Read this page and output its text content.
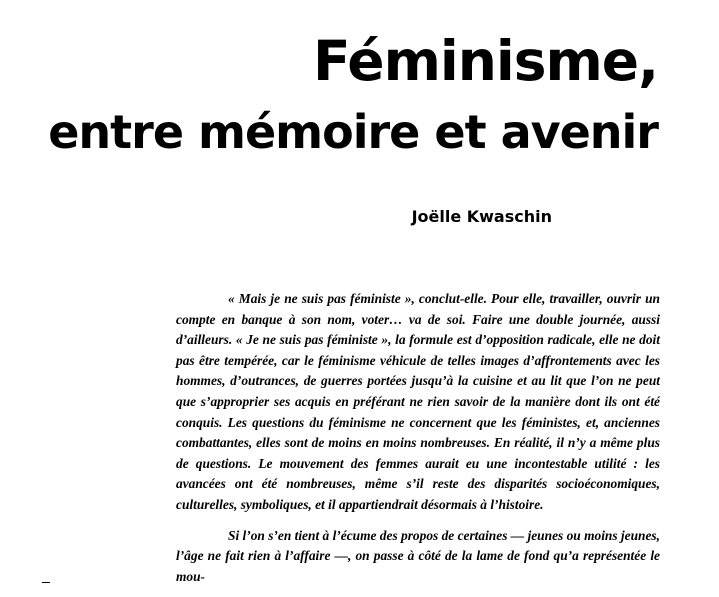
Féminisme,
entre mémoire et avenir
Joëlle Kwaschin

« Mais je ne suis pas féministe », conclut-elle. Pour elle, travailler, ouvrir un compte en banque à son nom, voter… va de soi. Faire une double journée, aussi d’ailleurs. « Je ne suis pas féministe », la formule est d’opposition radicale, elle ne doit pas être tempérée, car le féminisme véhicule de telles images d’affrontements avec les hommes, d’outrances, de guerres portées jusqu’à la cuisine et au lit que l’on ne peut que s’approprier ses acquis en préférant ne rien savoir de la manière dont ils ont été conquis. Les questions du féminisme ne concernent que les féministes, et, anciennes combattantes, elles sont de moins en moins nombreuses. En réalité, il n’y a même plus de questions. Le mouvement des femmes aurait eu une incontestable utilité : les avancées ont été nombreuses, même s’il reste des disparités socioéconomiques, culturelles, symboliques, et il appartiendrait désormais à l’histoire.

Si l’on s’en tient à l’écume des propos de certaines — jeunes ou moins jeunes, l’âge ne fait rien à l’affaire —, on passe à côté de la lame de fond qu’a représentée le mou-
